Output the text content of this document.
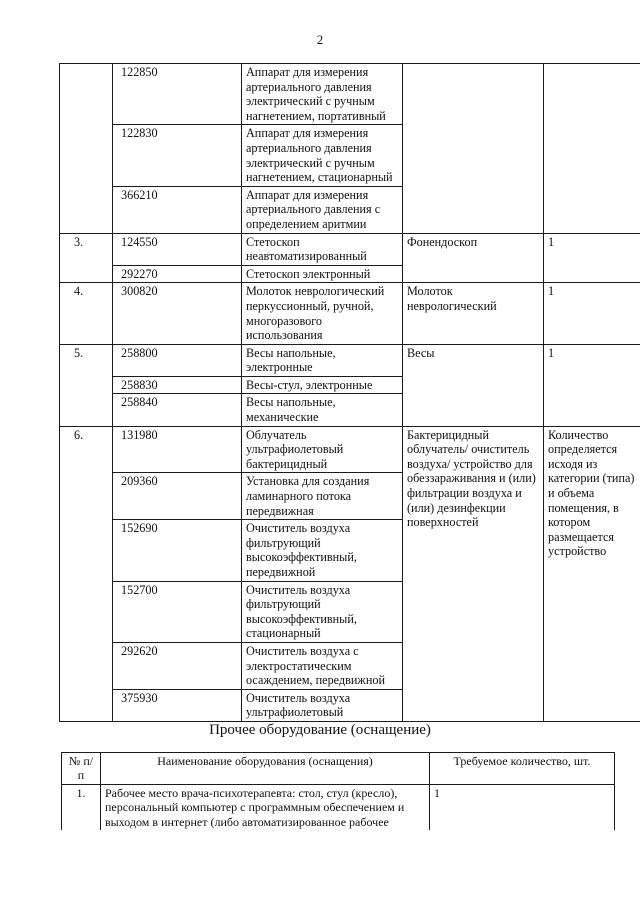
2
	122850	Аппарат для измерения артериального давления электрический с ручным нагнетением, портативный		
	122830	Аппарат для измерения артериального давления электрический с ручным нагнетением, стационарный		
	366210	Аппарат для измерения артериального давления с определением аритмии		
3.	124550	Стетоскоп неавтоматизированный	Фонендоскоп	1
	292270	Стетоскоп электронный		
4.	300820	Молоток неврологический перкуссионный, ручной, многоразового использования	Молоток неврологический	1
5.	258800	Весы напольные, электронные	Весы	1
	258830	Весы-стул, электронные		
	258840	Весы напольные, механические		
6.	131980	Облучатель ультрафиолетовый бактерицидный	Бактерицидный облучатель/ очиститель воздуха/ устройство для обеззараживания и (или) фильтрации воздуха и (или) дезинфекции поверхностей	Количество определяется исходя из категории (типа) и объема помещения, в котором размещается устройство
	209360	Установка для создания ламинарного потока передвижная		
	152690	Очиститель воздуха фильтрующий высокоэффективный, передвижной		
	152700	Очиститель воздуха фильтрующий высокоэффективный, стационарный		
	292620	Очиститель воздуха с электростатическим осаждением, передвижной		
	375930	Очиститель воздуха ультрафиолетовый		
Прочее оборудование (оснащение)
№ п/п	Наименование оборудования (оснащения)	Требуемое количество, шт.
1.	Рабочее место врача-психотерапевта: стол, стул (кресло), персональный компьютер с программным обеспечением и выходом в интернет (либо автоматизированное рабочее	1
